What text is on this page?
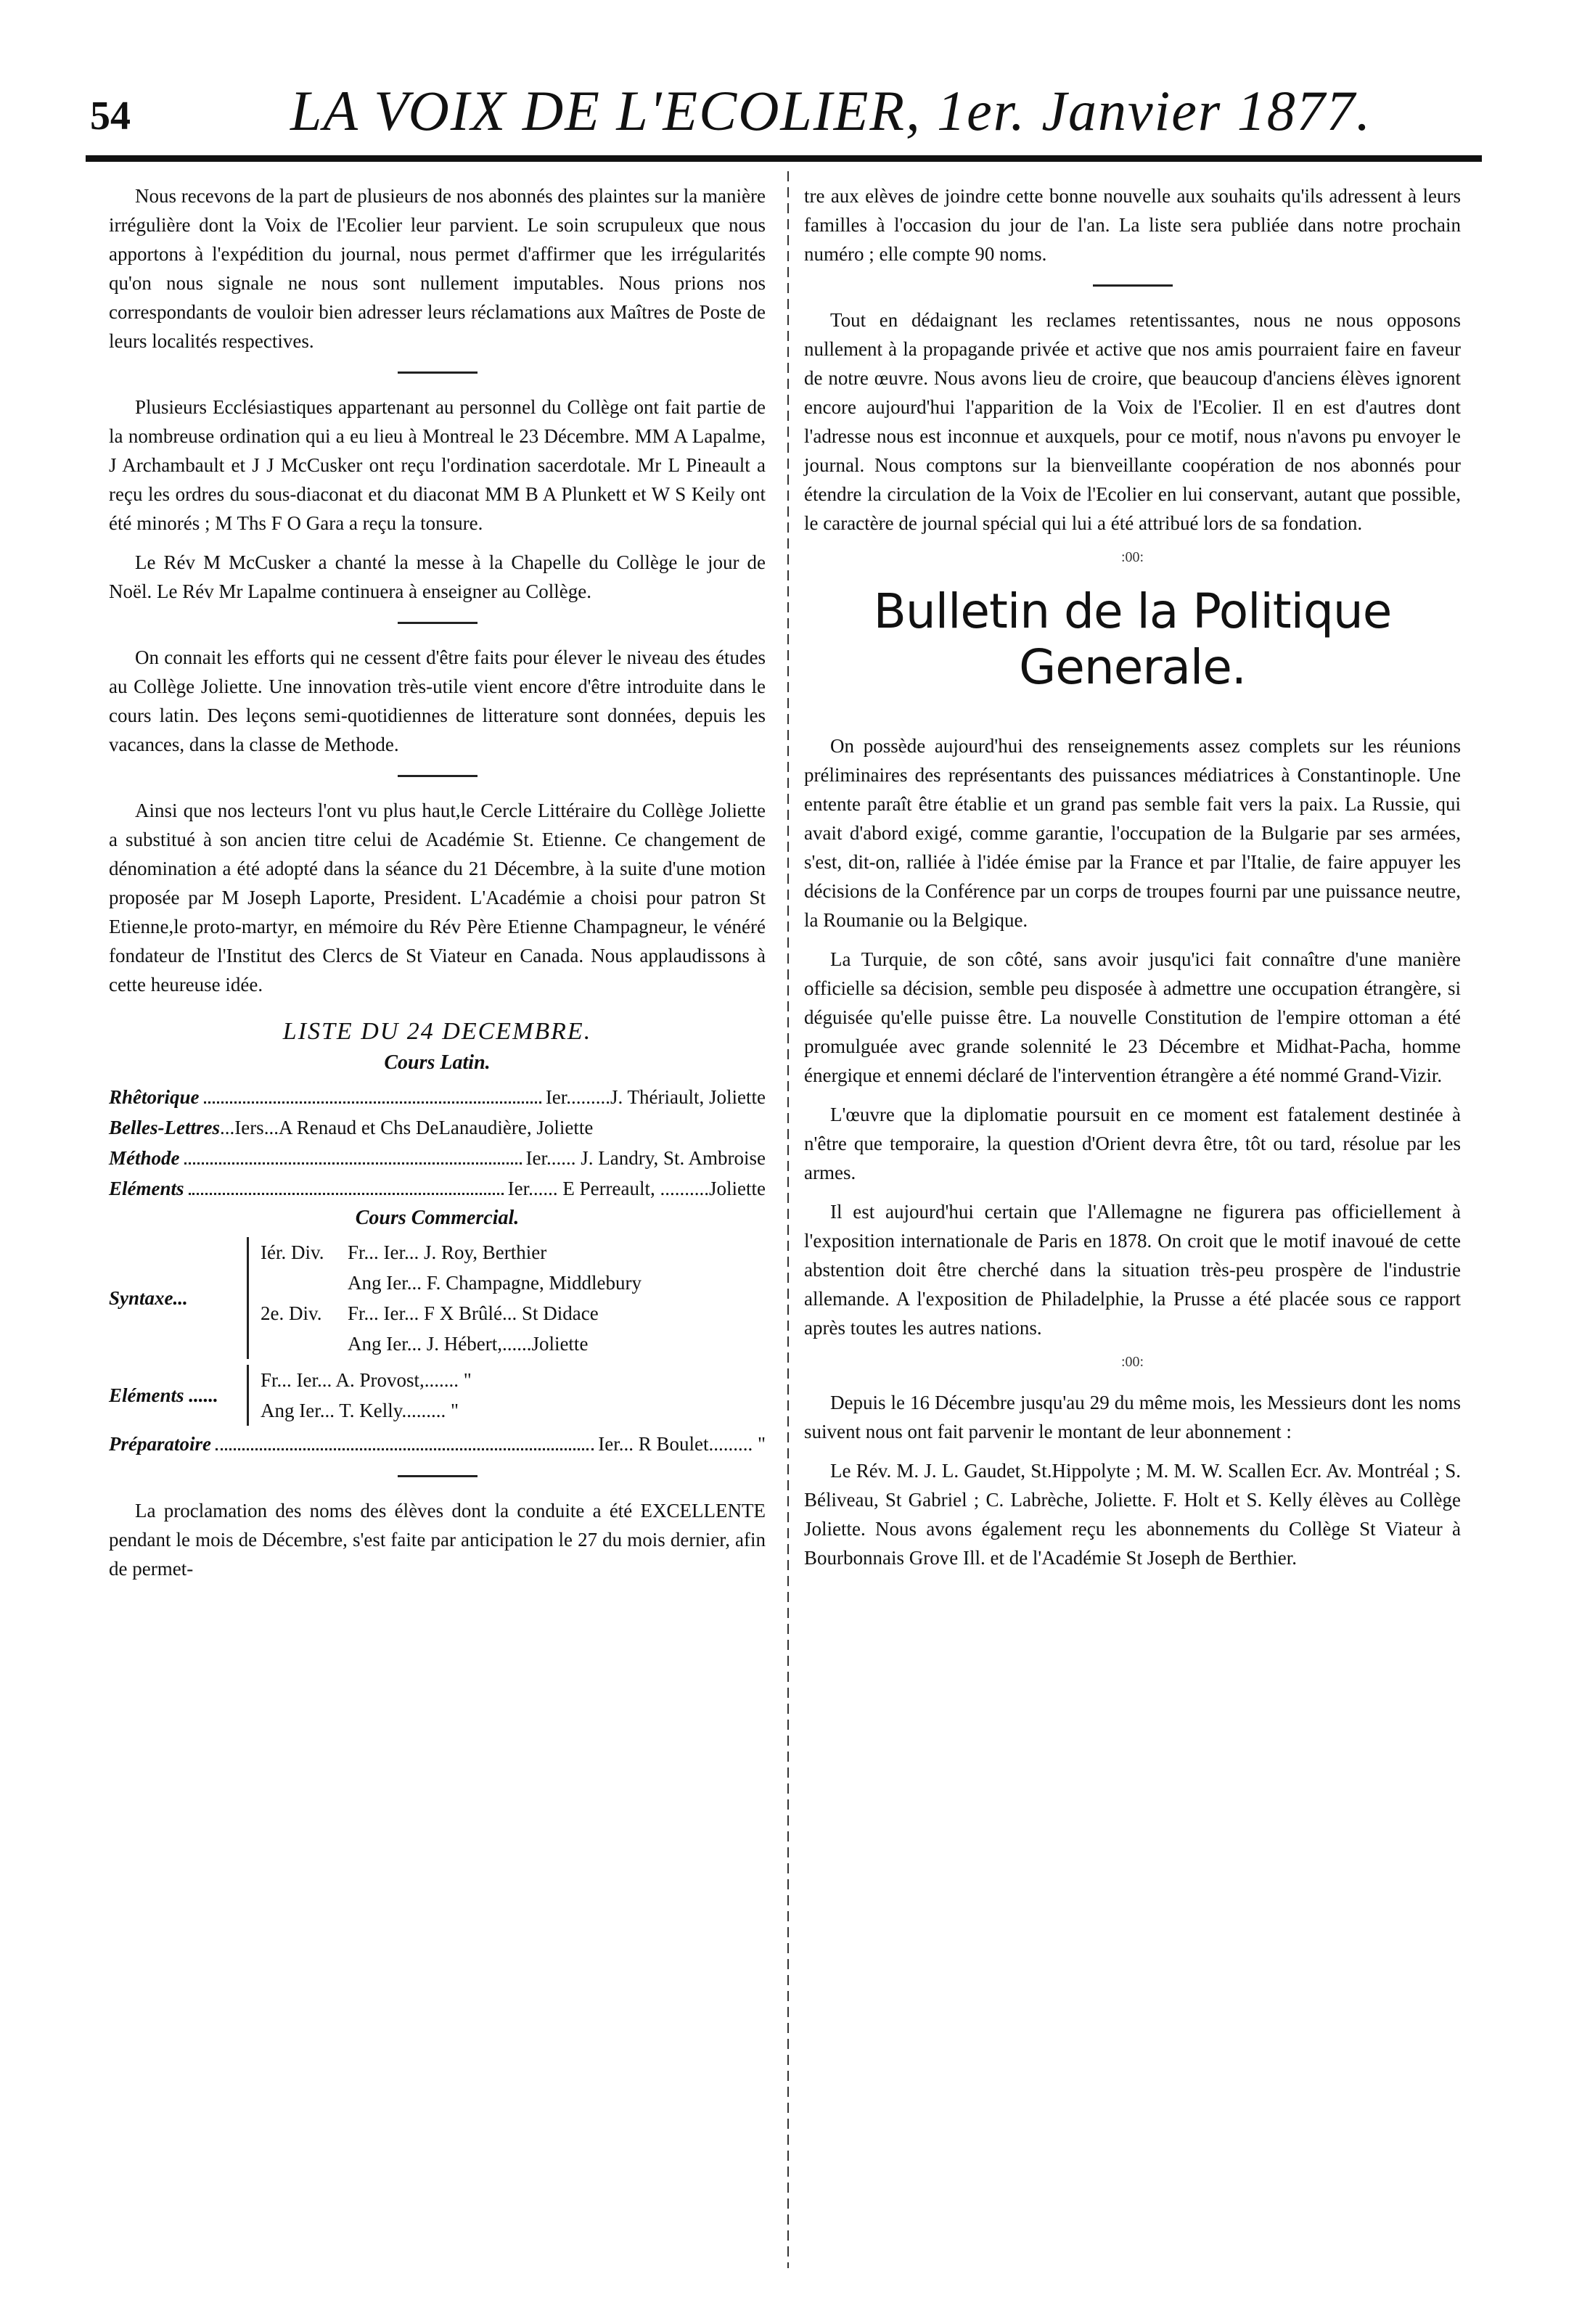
54	LA VOIX DE L'ECOLIER, 1er. Janvier 1877.

Nous recevons de la part de plusieurs de nos abonnés des plaintes sur la manière irrégulière dont la Voix de l'Ecolier leur parvient. Le soin scrupuleux que nous apportons à l'expédition du journal, nous permet d'affirmer que les irrégularités qu'on nous signale ne nous sont nullement imputables. Nous prions nos correspondants de vouloir bien adresser leurs réclamations aux Maîtres de Poste de leurs localités respectives.

Plusieurs Ecclésiastiques appartenant au personnel du Collège ont fait partie de la nombreuse ordination qui a eu lieu à Montreal le 23 Décembre. MM A Lapalme, J Archambault et J J McCusker ont reçu l'ordination sacerdotale. Mr L Pineault a reçu les ordres du sous-diaconat et du diaconat MM B A Plunkett et W S Keily ont été minorés ; M Ths F O Gara a reçu la tonsure.

Le Rév M McCusker a chanté la messe à la Chapelle du Collège le jour de Noël. Le Rév Mr Lapalme continuera à enseigner au Collège.

On connait les efforts qui ne cessent d'être faits pour élever le niveau des études au Collège Joliette. Une innovation très-utile vient encore d'être introduite dans le cours latin. Des leçons semi-quotidiennes de litterature sont données, depuis les vacances, dans la classe de Methode.

Ainsi que nos lecteurs l'ont vu plus haut,le Cercle Littéraire du Collège Joliette a substitué à son ancien titre celui de Académie St. Etienne. Ce changement de dénomination a été adopté dans la séance du 21 Décembre, à la suite d'une motion proposée par M Joseph Laporte, President. L'Académie a choisi pour patron St Etienne,le proto-martyr, en mémoire du Rév Père Etienne Champagneur, le vénéré fondateur de l'Institut des Clercs de St Viateur en Canada. Nous applaudissons à cette heureuse idée.

LISTE DU 24 DECEMBRE.
Cours Latin.
Rhêtorique	Ier.........J. Thériault, Joliette
Belles-Lettres ...Iers...A Renaud et Chs DeLanaudière, Joliette
Méthode	Ier...... J. Landry, St. Ambroise
Eléments	Ier...... E Perreault, ..........Joliette
Cours Commercial.
Syntaxe...Iér. Div. Fr... Ier... J. Roy, Berthier
Ang Ier... F. Champagne, Middlebury
2e. Div. Fr... Ier... F X Brûlé... St Didace
Ang Ier... J. Hébert,......Joliette
Eléments ......Fr... Ier... A. Provost,....... "
Ang Ier... T. Kelly......... "
Préparatoire	Ier... R Boulet......... "

La proclamation des noms des élèves dont la conduite a été EXCELLENTE pendant le mois de Décembre, s'est faite par anticipation le 27 du mois dernier, afin de permet-

tre aux elèves de joindre cette bonne nouvelle aux souhaits qu'ils adressent à leurs familles à l'occasion du jour de l'an. La liste sera publiée dans notre prochain numéro ; elle compte 90 noms.

Tout en dédaignant les reclames retentissantes, nous ne nous opposons nullement à la propagande privée et active que nos amis pourraient faire en faveur de notre œuvre. Nous avons lieu de croire, que beaucoup d'anciens élèves ignorent encore aujourd'hui l'apparition de la Voix de l'Ecolier. Il en est d'autres dont l'adresse nous est inconnue et auxquels, pour ce motif, nous n'avons pu envoyer le journal. Nous comptons sur la bienveillante coopération de nos abonnés pour étendre la circulation de la Voix de l'Ecolier en lui conservant, autant que possible, le caractère de journal spécial qui lui a été attribué lors de sa fondation.

:00:
Bulletin de la Politique Generale.

On possède aujourd'hui des renseignements assez complets sur les réunions préliminaires des représentants des puissances médiatrices à Constantinople. Une entente paraît être établie et un grand pas semble fait vers la paix. La Russie, qui avait d'abord exigé, comme garantie, l'occupation de la Bulgarie par ses armées, s'est, dit-on, ralliée à l'idée émise par la France et par l'Italie, de faire appuyer les décisions de la Conférence par un corps de troupes fourni par une puissance neutre, la Roumanie ou la Belgique.

La Turquie, de son côté, sans avoir jusqu'ici fait connaître d'une manière officielle sa décision, semble peu disposée à admettre une occupation étrangère, si déguisée qu'elle puisse être. La nouvelle Constitution de l'empire ottoman a été promulguée avec grande solennité le 23 Décembre et Midhat-Pacha, homme énergique et ennemi déclaré de l'intervention étrangère a été nommé Grand-Vizir.

L'œuvre que la diplomatie poursuit en ce moment est fatalement destinée à n'être que temporaire, la question d'Orient devra être, tôt ou tard, résolue par les armes.

Il est aujourd'hui certain que l'Allemagne ne figurera pas officiellement à l'exposition internationale de Paris en 1878. On croit que le motif inavoué de cette abstention doit être cherché dans la situation très-peu prospère de l'industrie allemande. A l'exposition de Philadelphie, la Prusse a été placée sous ce rapport après toutes les autres nations.

:00:

Depuis le 16 Décembre jusqu'au 29 du même mois, les Messieurs dont les noms suivent nous ont fait parvenir le montant de leur abonnement :

Le Rév. M. J. L. Gaudet, St.Hippolyte ; M. M. W. Scallen Ecr. Av. Montréal ; S. Béliveau, St Gabriel ; C. Labrèche, Joliette. F. Holt et S. Kelly élèves au Collège Joliette. Nous avons également reçu les abonnements du Collège St Viateur à Bourbonnais Grove Ill. et de l'Académie St Joseph de Berthier.
